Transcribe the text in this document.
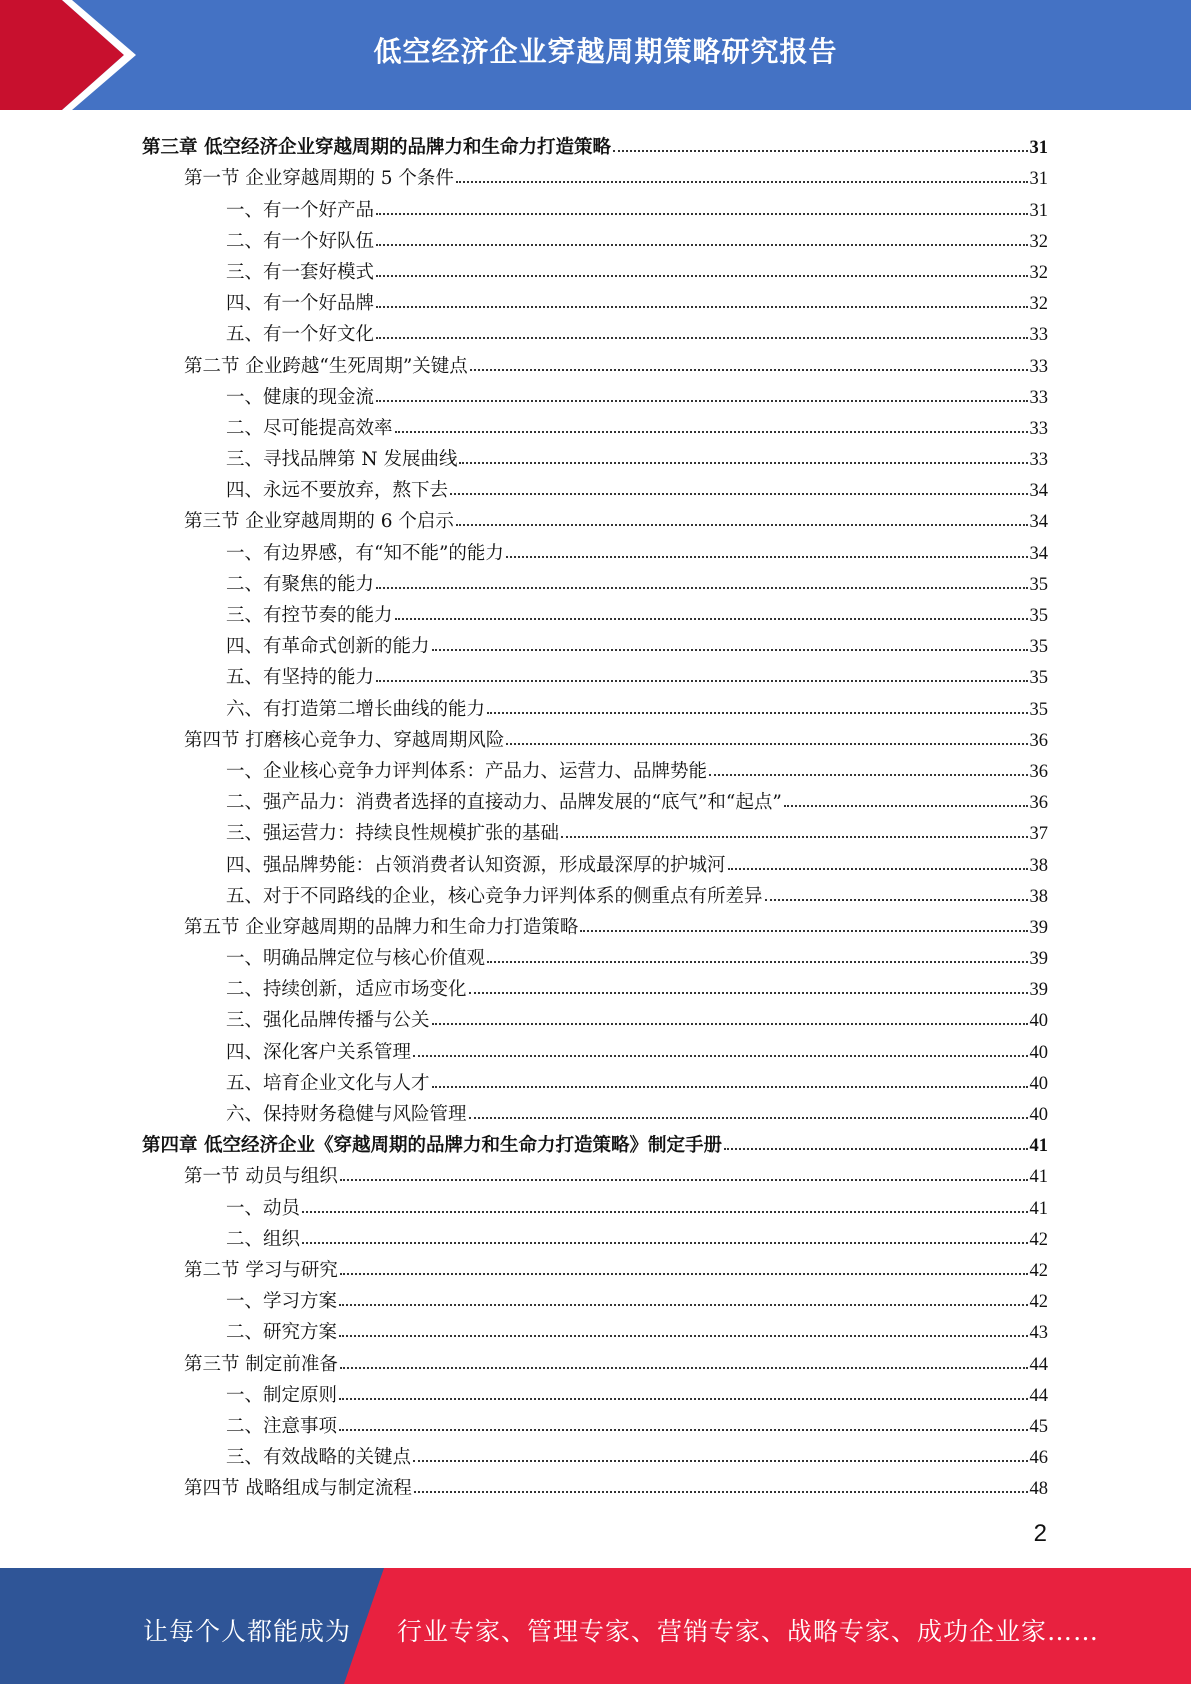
低空经济企业穿越周期策略研究报告
第三章 低空经济企业穿越周期的品牌力和生命力打造策略	31
第一节 企业穿越周期的 5 个条件	31
一、有一个好产品	31
二、有一个好队伍	32
三、有一套好模式	32
四、有一个好品牌	32
五、有一个好文化	33
第二节 企业跨越“生死周期”关键点	33
一、健康的现金流	33
二、尽可能提高效率	33
三、寻找品牌第 N 发展曲线	33
四、永远不要放弃，熬下去	34
第三节 企业穿越周期的 6 个启示	34
一、有边界感，有“知不能”的能力	34
二、有聚焦的能力	35
三、有控节奏的能力	35
四、有革命式创新的能力	35
五、有坚持的能力	35
六、有打造第二增长曲线的能力	35
第四节 打磨核心竞争力、穿越周期风险	36
一、企业核心竞争力评判体系：产品力、运营力、品牌势能	36
二、强产品力：消费者选择的直接动力、品牌发展的“底气”和“起点”	36
三、强运营力：持续良性规模扩张的基础	37
四、强品牌势能：占领消费者认知资源，形成最深厚的护城河	38
五、对于不同路线的企业，核心竞争力评判体系的侧重点有所差异	38
第五节 企业穿越周期的品牌力和生命力打造策略	39
一、明确品牌定位与核心价值观	39
二、持续创新，适应市场变化	39
三、强化品牌传播与公关	40
四、深化客户关系管理	40
五、培育企业文化与人才	40
六、保持财务稳健与风险管理	40
第四章 低空经济企业《穿越周期的品牌力和生命力打造策略》制定手册	41
第一节 动员与组织	41
一、动员	41
二、组织	42
第二节 学习与研究	42
一、学习方案	42
二、研究方案	43
第三节 制定前准备	44
一、制定原则	44
二、注意事项	45
三、有效战略的关键点	46
第四节 战略组成与制定流程	48
2
让每个人都能成为 行业专家、管理专家、营销专家、战略专家、成功企业家……
